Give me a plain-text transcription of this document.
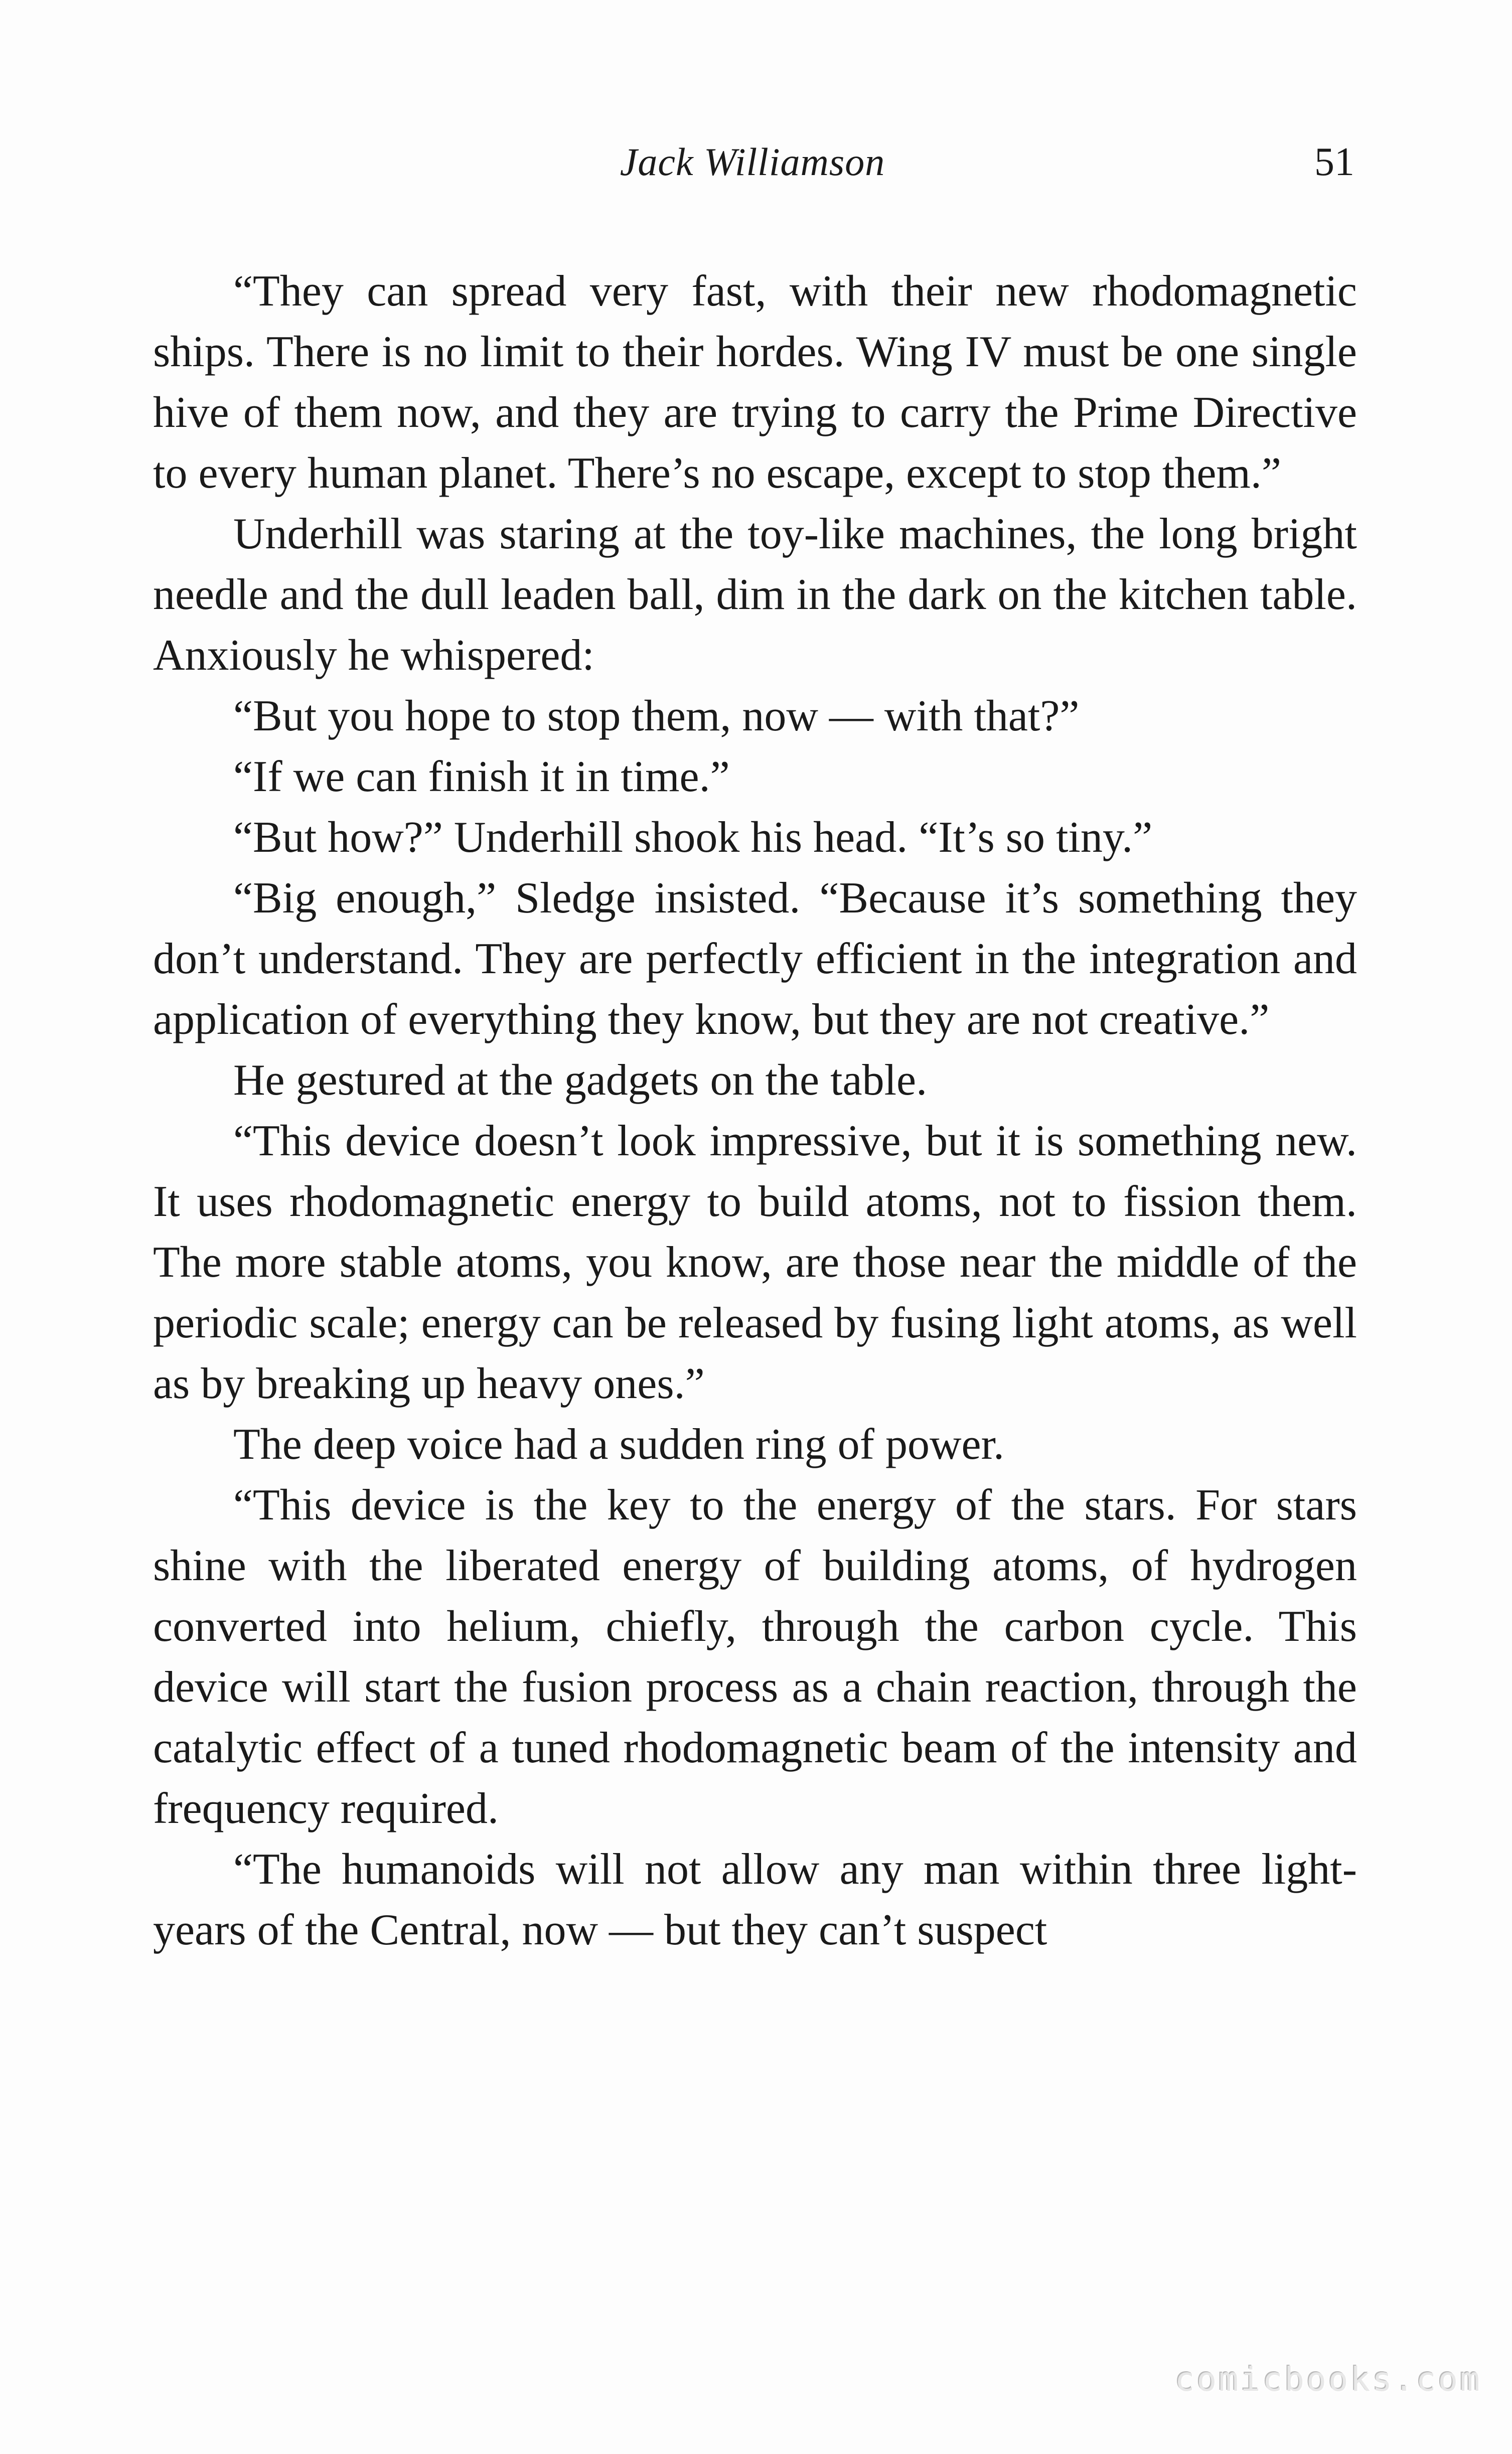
Jack Williamson	51

“They can spread very fast, with their new rhodomagnetic ships. There is no limit to their hordes. Wing IV must be one single hive of them now, and they are trying to carry the Prime Directive to every human planet. There’s no escape, except to stop them.”

Underhill was staring at the toy-like machines, the long bright needle and the dull leaden ball, dim in the dark on the kitchen table. Anxiously he whispered:

“But you hope to stop them, now — with that?”

“If we can finish it in time.”

“But how?” Underhill shook his head. “It’s so tiny.”

“Big enough,” Sledge insisted. “Because it’s something they don’t understand. They are perfectly efficient in the integration and application of everything they know, but they are not creative.”

He gestured at the gadgets on the table.

“This device doesn’t look impressive, but it is something new. It uses rhodomagnetic energy to build atoms, not to fission them. The more stable atoms, you know, are those near the middle of the periodic scale; energy can be released by fusing light atoms, as well as by breaking up heavy ones.”

The deep voice had a sudden ring of power.

“This device is the key to the energy of the stars. For stars shine with the liberated energy of building atoms, of hydrogen converted into helium, chiefly, through the carbon cycle. This device will start the fusion process as a chain reaction, through the catalytic effect of a tuned rhodomagnetic beam of the intensity and frequency required.

“The humanoids will not allow any man within three light-years of the Central, now — but they can’t suspect

comicbooks.com
